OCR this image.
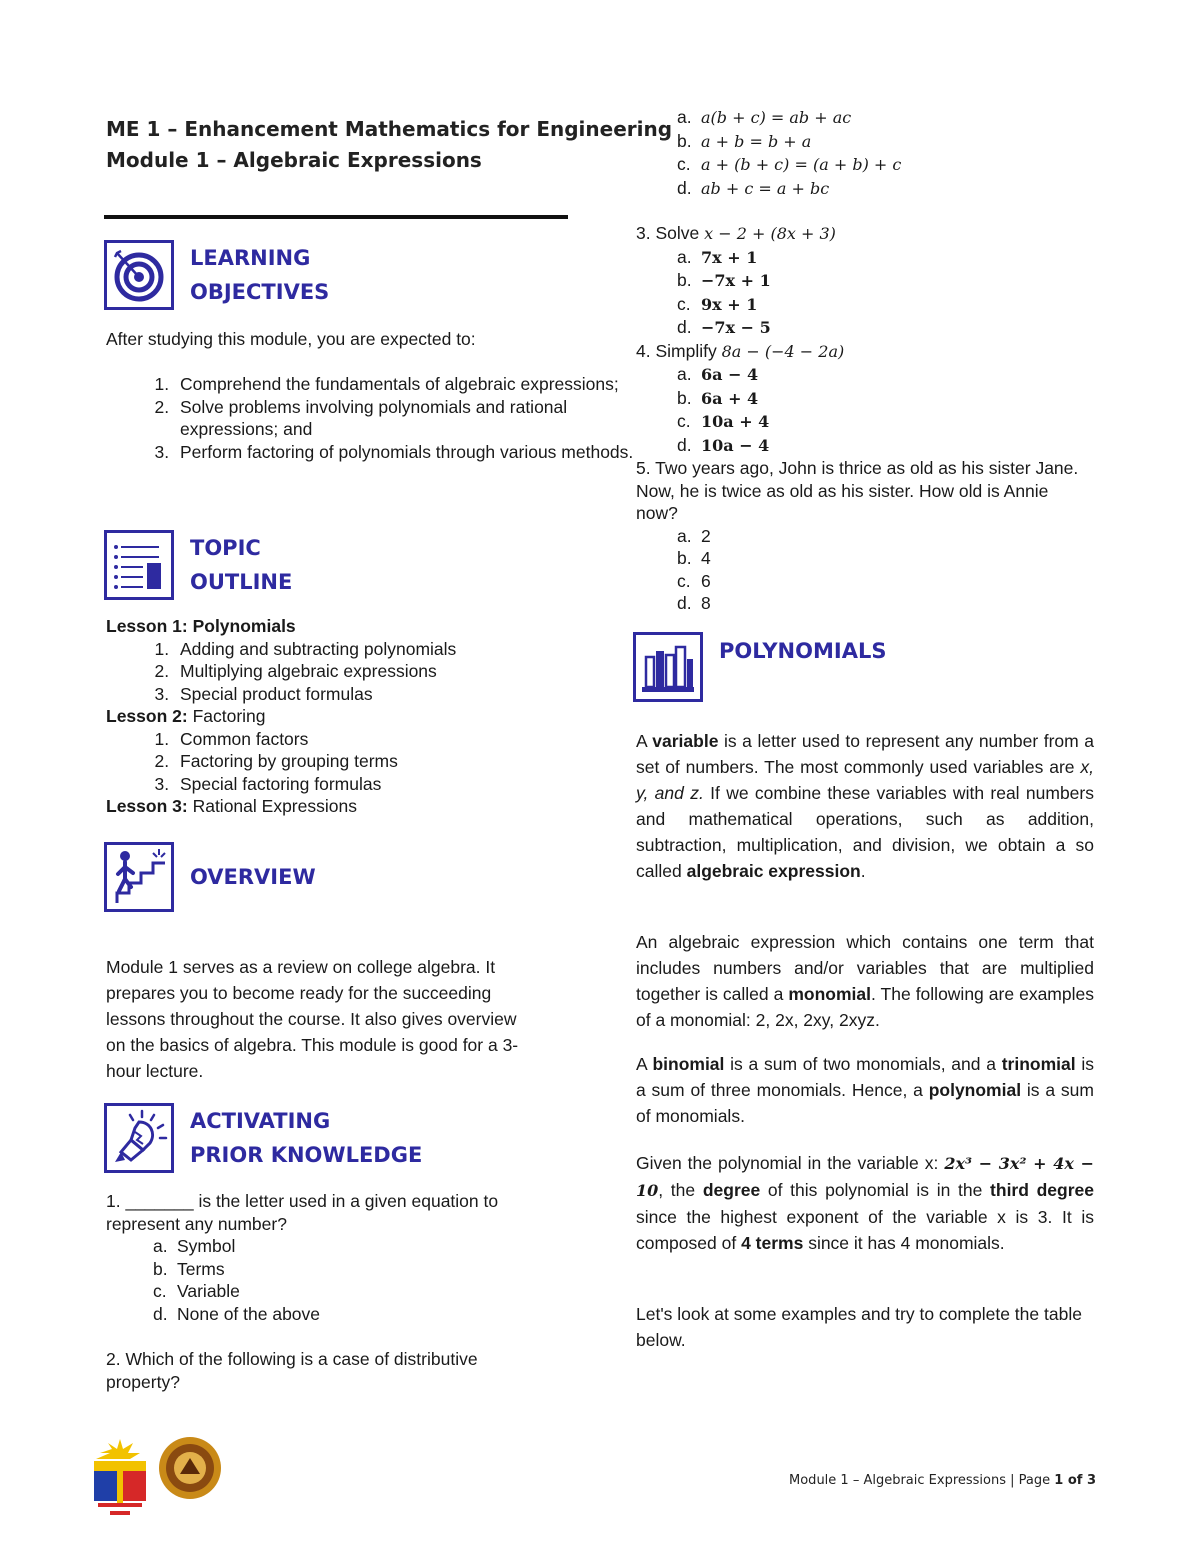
ME 1 – Enhancement Mathematics for Engineering
Module 1 – Algebraic Expressions
LEARNING
OBJECTIVES
After studying this module, you are expected to:
1. Comprehend the fundamentals of algebraic expressions;
2. Solve problems involving polynomials and rational expressions; and
3. Perform factoring of polynomials through various methods.
TOPIC
OUTLINE
Lesson 1: Polynomials
1. Adding and subtracting polynomials
2. Multiplying algebraic expressions
3. Special product formulas
Lesson 2: Factoring
1. Common factors
2. Factoring by grouping terms
3. Special factoring formulas
Lesson 3: Rational Expressions
OVERVIEW
Module 1 serves as a review on college algebra. It prepares you to become ready for the succeeding lessons throughout the course. It also gives overview on the basics of algebra. This module is good for a 3-hour lecture.
ACTIVATING
PRIOR KNOWLEDGE
1. _______ is the letter used in a given equation to represent any number?
a. Symbol
b. Terms
c. Variable
d. None of the above
2. Which of the following is a case of distributive property?
a. a(b + c) = ab + ac
b. a + b = b + a
c. a + (b + c) = (a + b) + c
d. ab + c = a + bc
3. Solve x − 2 + (8x + 3)
a. 7x + 1
b. −7x + 1
c. 9x + 1
d. −7x − 5
4. Simplify 8a − (−4 − 2a)
a. 6a − 4
b. 6a + 4
c. 10a + 4
d. 10a − 4
5. Two years ago, John is thrice as old as his sister Jane. Now, he is twice as old as his sister. How old is Annie now?
a. 2
b. 4
c. 6
d. 8
POLYNOMIALS
A variable is a letter used to represent any number from a set of numbers. The most commonly used variables are x, y, and z. If we combine these variables with real numbers and mathematical operations, such as addition, subtraction, multiplication, and division, we obtain a so called algebraic expression.
An algebraic expression which contains one term that includes numbers and/or variables that are multiplied together is called a monomial. The following are examples of a monomial: 2, 2x, 2xy, 2xyz.
A binomial is a sum of two monomials, and a trinomial is a sum of three monomials. Hence, a polynomial is a sum of monomials.
Given the polynomial in the variable x: 2x³ − 3x² + 4x − 10, the degree of this polynomial is in the third degree since the highest exponent of the variable x is 3. It is composed of 4 terms since it has 4 monomials.
Let's look at some examples and try to complete the table below.
Module 1 – Algebraic Expressions | Page 1 of 3
